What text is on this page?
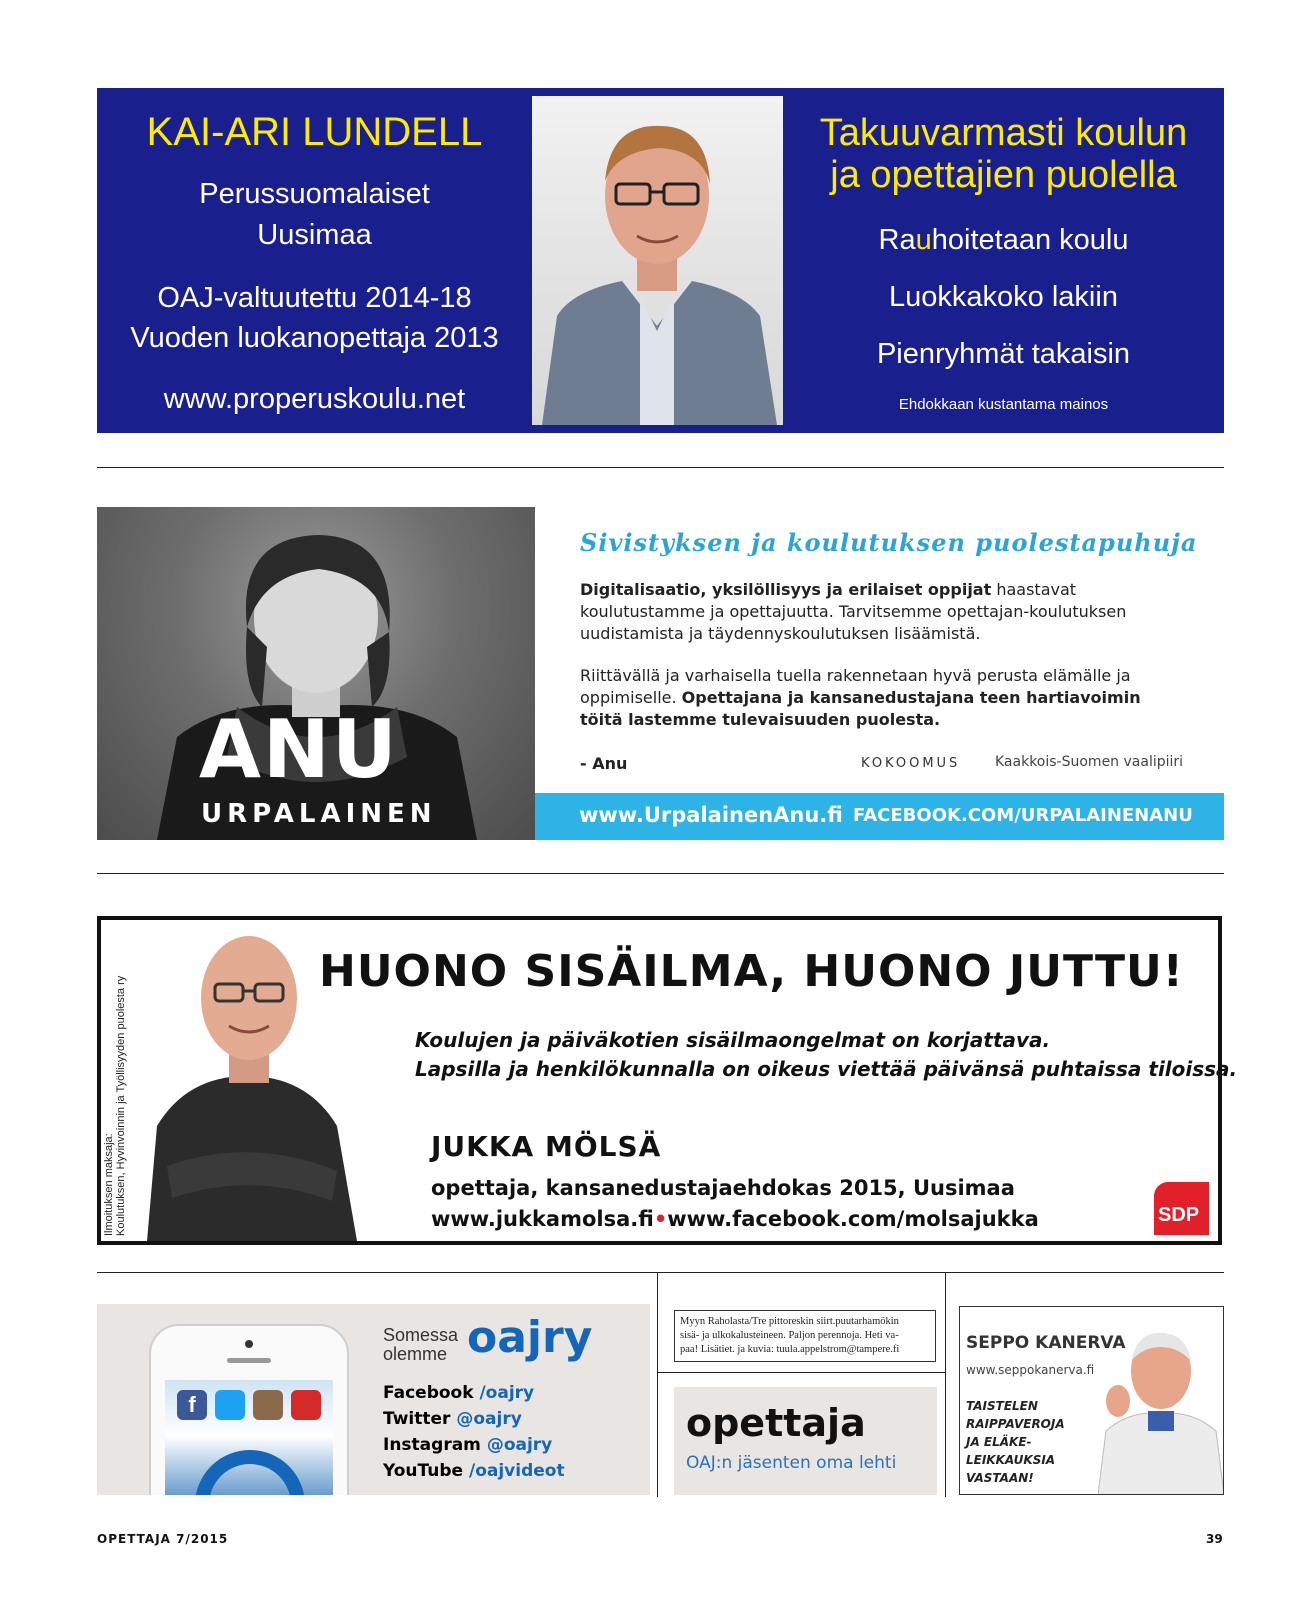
KAI-ARI LUNDELL
Perussuomalaiset
Uusimaa
OAJ-valtuutettu 2014-18
Vuoden luokanopettaja 2013
www.properuskoulu.net
Takuuvarmasti koulun
ja opettajien puolella
Rauhoitetaan koulu
Luokkakoko lakiin
Pienryhmät takaisin
Ehdokkaan kustantama mainos
ANU
URPALAINEN
Sivistyksen ja koulutuksen puolestapuhuja
Digitalisaatio, yksilöllisyys ja erilaiset oppijat haastavat koulutustamme ja opettajuutta. Tarvitsemme opettajan-koulutuksen uudistamista ja täydennyskoulutuksen lisäämistä.
Riittävällä ja varhaisella tuella rakennetaan hyvä perusta elämälle ja oppimiselle. Opettajana ja kansanedustajana teen hartiavoimin töitä lastemme tulevaisuuden puolesta.
- Anu	KOKOOMUS Kaakkois-Suomen vaalipiiri
www.UrpalainenAnu.fi FACEBOOK.COM/URPALAINENANU
Ilmoituksen maksaja: Koulutuksen, Hyvinvoinnin ja Työllisyyden puolesta ry
HUONO SISÄILMA, HUONO JUTTU!
Koulujen ja päiväkotien sisäilmaongelmat on korjattava.
Lapsilla ja henkilökunnalla on oikeus viettää päivänsä puhtaissa tiloissa.
JUKKA MÖLSÄ
opettaja, kansanedustajaehdokas 2015, Uusimaa
www.jukkamolsa.fi•www.facebook.com/molsajukka	SDP
f
Somessa
olemme oajry
Facebook /oajry
Twitter @oajry
Instagram @oajry
YouTube /oajvideot
Myyn Raholasta/Tre pittoreskin siirt.puutarhamökin
sisä- ja ulkokalusteineen. Paljon perennoja. Heti va-
paa! Lisätiet. ja kuvia: tuula.appelstrom@tampere.fi
opettaja
OAJ:n jäsenten oma lehti
SEPPO KANERVA
www.seppokanerva.fi
TAISTELEN
RAIPPAVEROJA
JA ELÄKE-
LEIKKAUKSIA
VASTAAN!
OPETTAJA 7/2015	39
